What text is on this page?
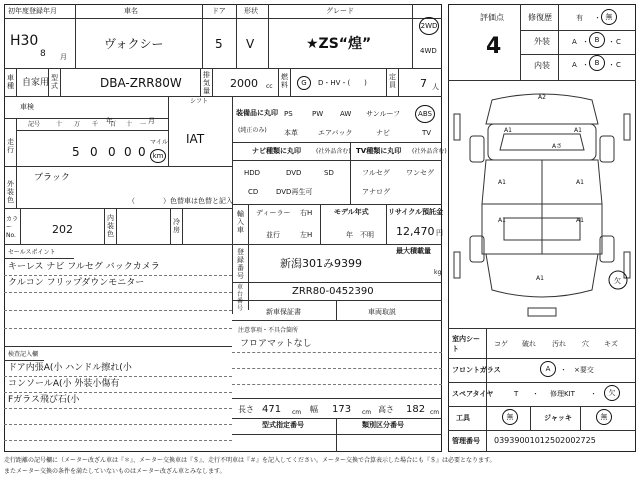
初年度登録年月
H30
8 月
車名
ヴォクシー
ドア
5
形状
V
グレード
★ZS“煌”
2WD
4WD
車種 自家用 型式	DBA-ZRR80W
排気量
2000 cc
燃料 G D・HV・(　　)
定員 7 人
評価点
4
修復歴	有 ・ 無
外装	A ・ B ・ C
内装	A ・ B ・ C
車検
年	月
シフト
IAT
走行
記号	十 万 千 百 十 一
5 0 0 0 0
マイル
km
外装色
ブラック
（　　　　）色替車は色替と記入
カラーNo.	202
内装色
冷房
装備品に丸印
(純正のみ)
PS	PW AW サンルーフ	ABS
本革	エアバック	ナビ	TV
ナビ種類に丸印	(社外品含む) TV種類に丸印 (社外品含む)
HDD	DVD	SD
CD	DVD再生可
フルセグ ワンセグ
アナログ
輸入車
ディーラー 右H
並行	左H
モデル年式
年　不明
リサイクル預託金
12,470 円
最大積載量
kg
登録番号
新潟301み9399
車台番号
ZRR80-0452390
新車保証書	車両取説
セールスポイント
キーレス ナビ フルセグ バックカメラ
クルコン フリップダウンモニター
注意事項・不具合箇所
フロアマットなし
検査記入欄
ドア内張A(小 ハンドル擦れ(小
コンソールA(小 外装小傷有
Fガラス飛び石(小
長さ 471 cm 幅 173 cm 高さ 182 cm
型式指定番号	類別区分番号
A2
A1	A1
A1	A1
A1	A1
A1
Aさ
欠
室内シート
コゲ 破れ 汚れ 穴 キズ
フロントガラス	A ・　×要交
スペアタイヤ	T ・ 修理KIT ・ 欠
工具	無	ジャッキ	無
管理番号 0393900101250200272​5
走行距離の記号欄に（メーター改ざん車は『＊』、メーター交換車は『＄』、走行不明車は『＃』を記入してください。メーター交換で合算表示した場合にも『＄』は必要となります。
またメーター交換の条件を満たしていないものはメーター改ざん車とみなします。
